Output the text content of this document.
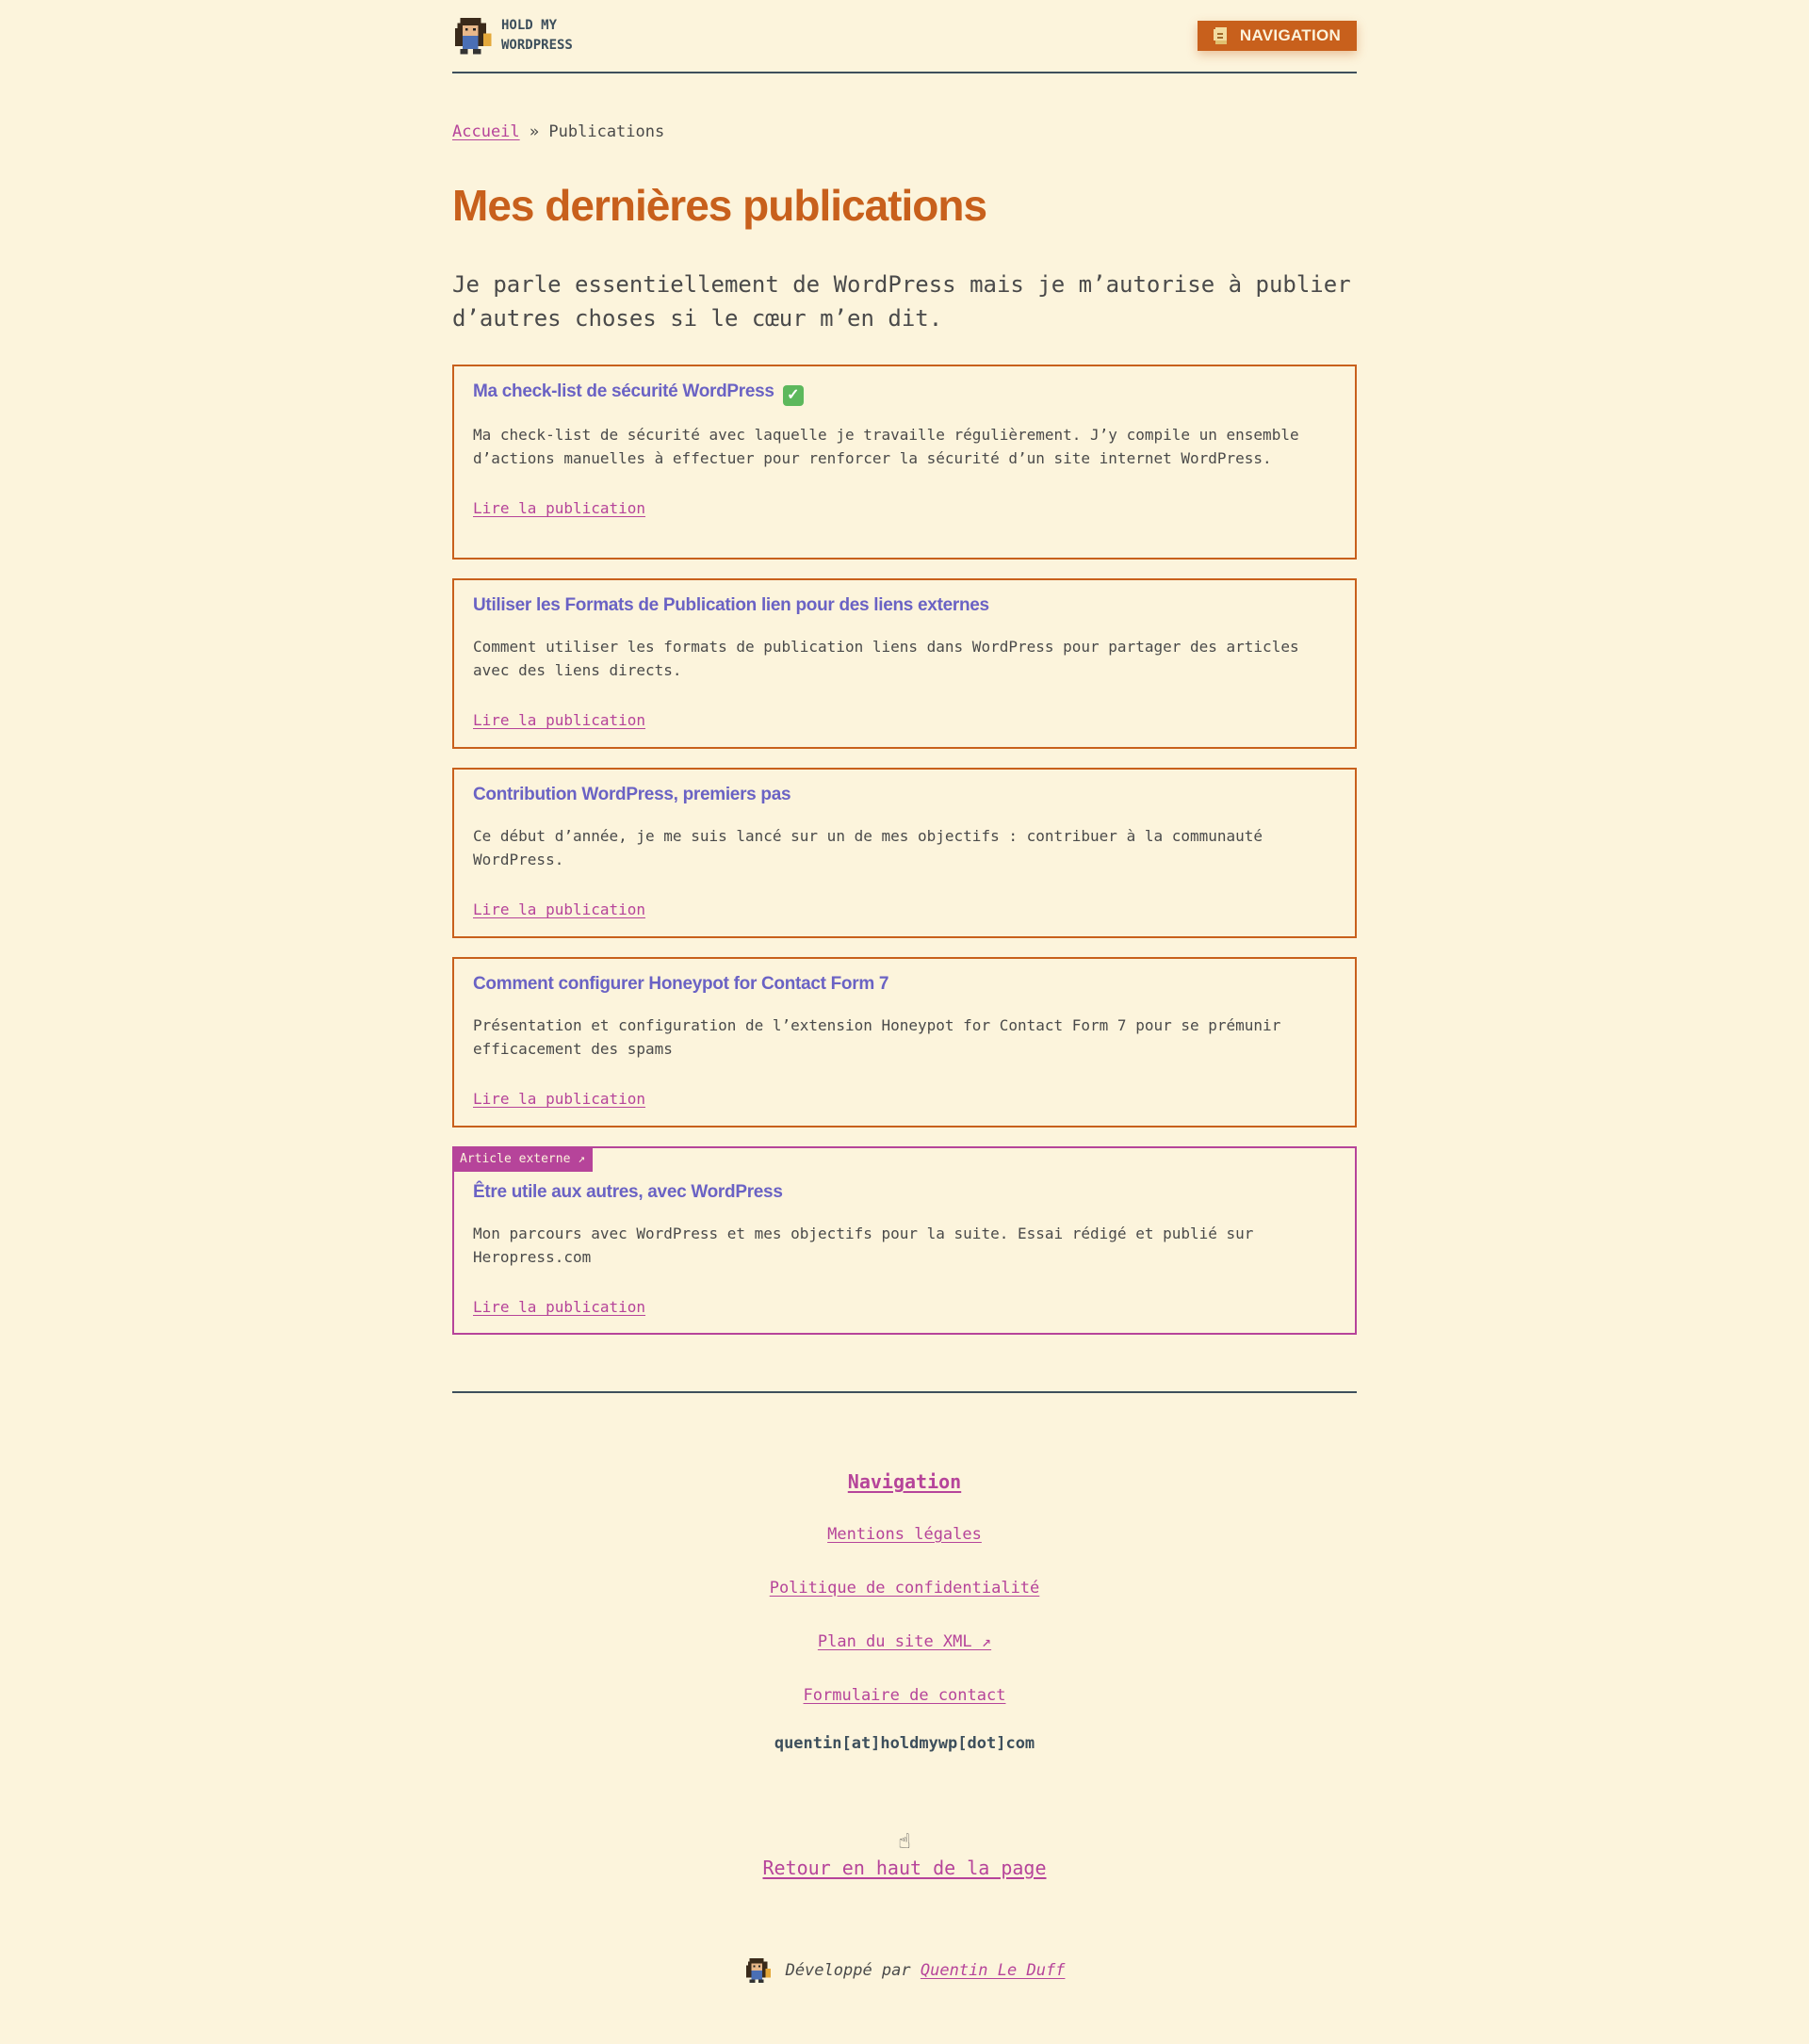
HOLD MY
WORDPRESS
NAVIGATION
Accueil » Publications
Mes dernières publications

Je parle essentiellement de WordPress mais je m’autorise à publier d’autres choses si le cœur m’en dit.

Ma check-list de sécurité WordPress ✓
Ma check-list de sécurité avec laquelle je travaille régulièrement. J’y compile un ensemble d’actions manuelles à effectuer pour renforcer la sécurité d’un site internet WordPress.
Lire la publication
Utiliser les Formats de Publication lien pour des liens externes
Comment utiliser les formats de publication liens dans WordPress pour partager des articles avec des liens directs.
Lire la publication
Contribution WordPress, premiers pas
Ce début d’année, je me suis lancé sur un de mes objectifs : contribuer à la communauté WordPress.
Lire la publication
Comment configurer Honeypot for Contact Form 7
Présentation et configuration de l’extension Honeypot for Contact Form 7 pour se prémunir efficacement des spams
Lire la publication
Article externe ↗
Être utile aux autres, avec WordPress
Mon parcours avec WordPress et mes objectifs pour la suite. Essai rédigé et publié sur Heropress.com
Lire la publication
Navigation
Mentions légales
Politique de confidentialité
Plan du site XML ↗
Formulaire de contact
quentin[at]holdmywp[dot]com
☝
Retour en haut de la page
Développé par Quentin Le Duff
